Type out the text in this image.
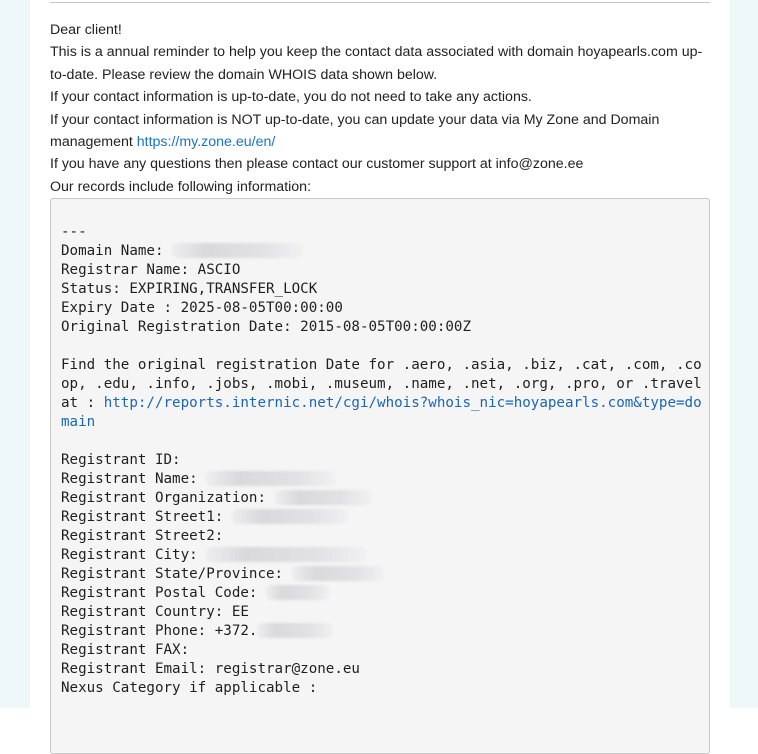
Dear client!

This is a annual reminder to help you keep the contact data associated with domain hoyapearls.com up-to-date. Please review the domain WHOIS data shown below.

If your contact information is up-to-date, you do not need to take any actions.

If your contact information is NOT up-to-date, you can update your data via My Zone and Domain management https://my.zone.eu/en/

If you have any questions then please contact our customer support at info@zone.ee

Our records include following information:

---
Domain Name:
Registrar Name: ASCIO
Status: EXPIRING,TRANSFER_LOCK
Expiry Date : 2025-08-05T00:00:00
Original Registration Date: 2015-08-05T00:00:00Z
Find the original registration Date for .aero, .asia, .biz, .cat, .com, .co
op, .edu, .info, .jobs, .mobi, .museum, .name, .net, .org, .pro, or .travel
at : http://reports.internic.net/cgi/whois?whois_nic=hoyapearls.com&type=do
main
Registrant ID:
Registrant Name:
Registrant Organization:
Registrant Street1:
Registrant Street2:
Registrant City:
Registrant State/Province:
Registrant Postal Code:
Registrant Country: EE
Registrant Phone: +372.
Registrant FAX:
Registrant Email: registrar@zone.eu
Nexus Category if applicable :
